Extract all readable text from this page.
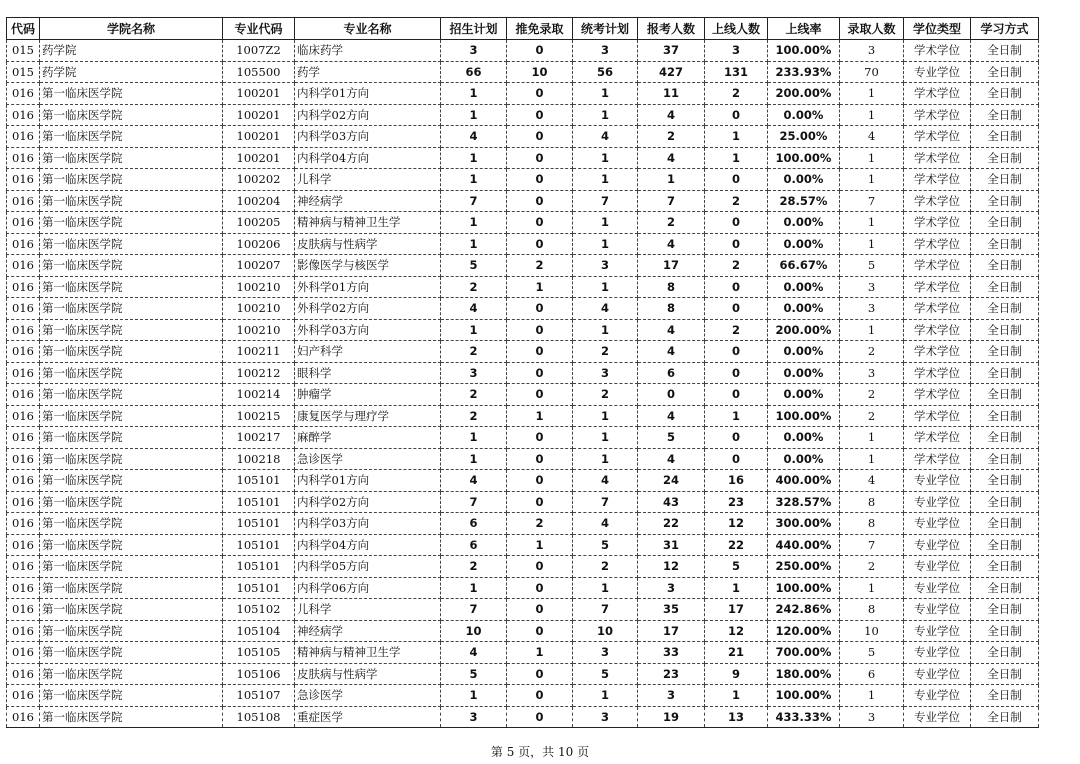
代码	学院名称	专业代码	专业名称	招生计划	推免录取	统考计划	报考人数	上线人数	上线率	录取人数	学位类型	学习方式
015	药学院	1007Z2	临床药学	3	0	3	37	3	100.00%	3	学术学位	全日制
015	药学院	105500	药学	66	10	56	427	131	233.93%	70	专业学位	全日制
016	第一临床医学院	100201	内科学01方向	1	0	1	11	2	200.00%	1	学术学位	全日制
016	第一临床医学院	100201	内科学02方向	1	0	1	4	0	0.00%	1	学术学位	全日制
016	第一临床医学院	100201	内科学03方向	4	0	4	2	1	25.00%	4	学术学位	全日制
016	第一临床医学院	100201	内科学04方向	1	0	1	4	1	100.00%	1	学术学位	全日制
016	第一临床医学院	100202	儿科学	1	0	1	1	0	0.00%	1	学术学位	全日制
016	第一临床医学院	100204	神经病学	7	0	7	7	2	28.57%	7	学术学位	全日制
016	第一临床医学院	100205	精神病与精神卫生学	1	0	1	2	0	0.00%	1	学术学位	全日制
016	第一临床医学院	100206	皮肤病与性病学	1	0	1	4	0	0.00%	1	学术学位	全日制
016	第一临床医学院	100207	影像医学与核医学	5	2	3	17	2	66.67%	5	学术学位	全日制
016	第一临床医学院	100210	外科学01方向	2	1	1	8	0	0.00%	3	学术学位	全日制
016	第一临床医学院	100210	外科学02方向	4	0	4	8	0	0.00%	3	学术学位	全日制
016	第一临床医学院	100210	外科学03方向	1	0	1	4	2	200.00%	1	学术学位	全日制
016	第一临床医学院	100211	妇产科学	2	0	2	4	0	0.00%	2	学术学位	全日制
016	第一临床医学院	100212	眼科学	3	0	3	6	0	0.00%	3	学术学位	全日制
016	第一临床医学院	100214	肿瘤学	2	0	2	0	0	0.00%	2	学术学位	全日制
016	第一临床医学院	100215	康复医学与理疗学	2	1	1	4	1	100.00%	2	学术学位	全日制
016	第一临床医学院	100217	麻醉学	1	0	1	5	0	0.00%	1	学术学位	全日制
016	第一临床医学院	100218	急诊医学	1	0	1	4	0	0.00%	1	学术学位	全日制
016	第一临床医学院	105101	内科学01方向	4	0	4	24	16	400.00%	4	专业学位	全日制
016	第一临床医学院	105101	内科学02方向	7	0	7	43	23	328.57%	8	专业学位	全日制
016	第一临床医学院	105101	内科学03方向	6	2	4	22	12	300.00%	8	专业学位	全日制
016	第一临床医学院	105101	内科学04方向	6	1	5	31	22	440.00%	7	专业学位	全日制
016	第一临床医学院	105101	内科学05方向	2	0	2	12	5	250.00%	2	专业学位	全日制
016	第一临床医学院	105101	内科学06方向	1	0	1	3	1	100.00%	1	专业学位	全日制
016	第一临床医学院	105102	儿科学	7	0	7	35	17	242.86%	8	专业学位	全日制
016	第一临床医学院	105104	神经病学	10	0	10	17	12	120.00%	10	专业学位	全日制
016	第一临床医学院	105105	精神病与精神卫生学	4	1	3	33	21	700.00%	5	专业学位	全日制
016	第一临床医学院	105106	皮肤病与性病学	5	0	5	23	9	180.00%	6	专业学位	全日制
016	第一临床医学院	105107	急诊医学	1	0	1	3	1	100.00%	1	专业学位	全日制
016	第一临床医学院	105108	重症医学	3	0	3	19	13	433.33%	3	专业学位	全日制
第 5 页，共 10 页
